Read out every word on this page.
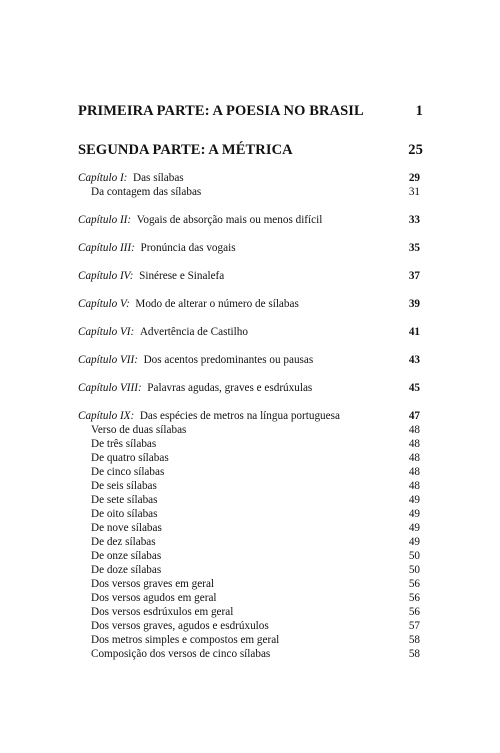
PRIMEIRA PARTE: A POESIA NO BRASIL	1
SEGUNDA PARTE: A MÉTRICA	25
Capítulo I: Das sílabas	29
Da contagem das sílabas	31
Capítulo II: Vogais de absorção mais ou menos difícil	33
Capítulo III: Pronúncia das vogais	35
Capítulo IV: Sinérese e Sinalefa	37
Capítulo V: Modo de alterar o número de sílabas	39
Capítulo VI: Advertência de Castilho	41
Capítulo VII: Dos acentos predominantes ou pausas	43
Capítulo VIII: Palavras agudas, graves e esdrúxulas	45
Capítulo IX: Das espécies de metros na língua portuguesa	47
Verso de duas sílabas	48
De três sílabas	48
De quatro sílabas	48
De cinco sílabas	48
De seis sílabas	48
De sete sílabas	49
De oito sílabas	49
De nove sílabas	49
De dez sílabas	49
De onze sílabas	50
De doze sílabas	50
Dos versos graves em geral	56
Dos versos agudos em geral	56
Dos versos esdrúxulos em geral	56
Dos versos graves, agudos e esdrúxulos	57
Dos metros simples e compostos em geral	58
Composição dos versos de cinco sílabas	58
